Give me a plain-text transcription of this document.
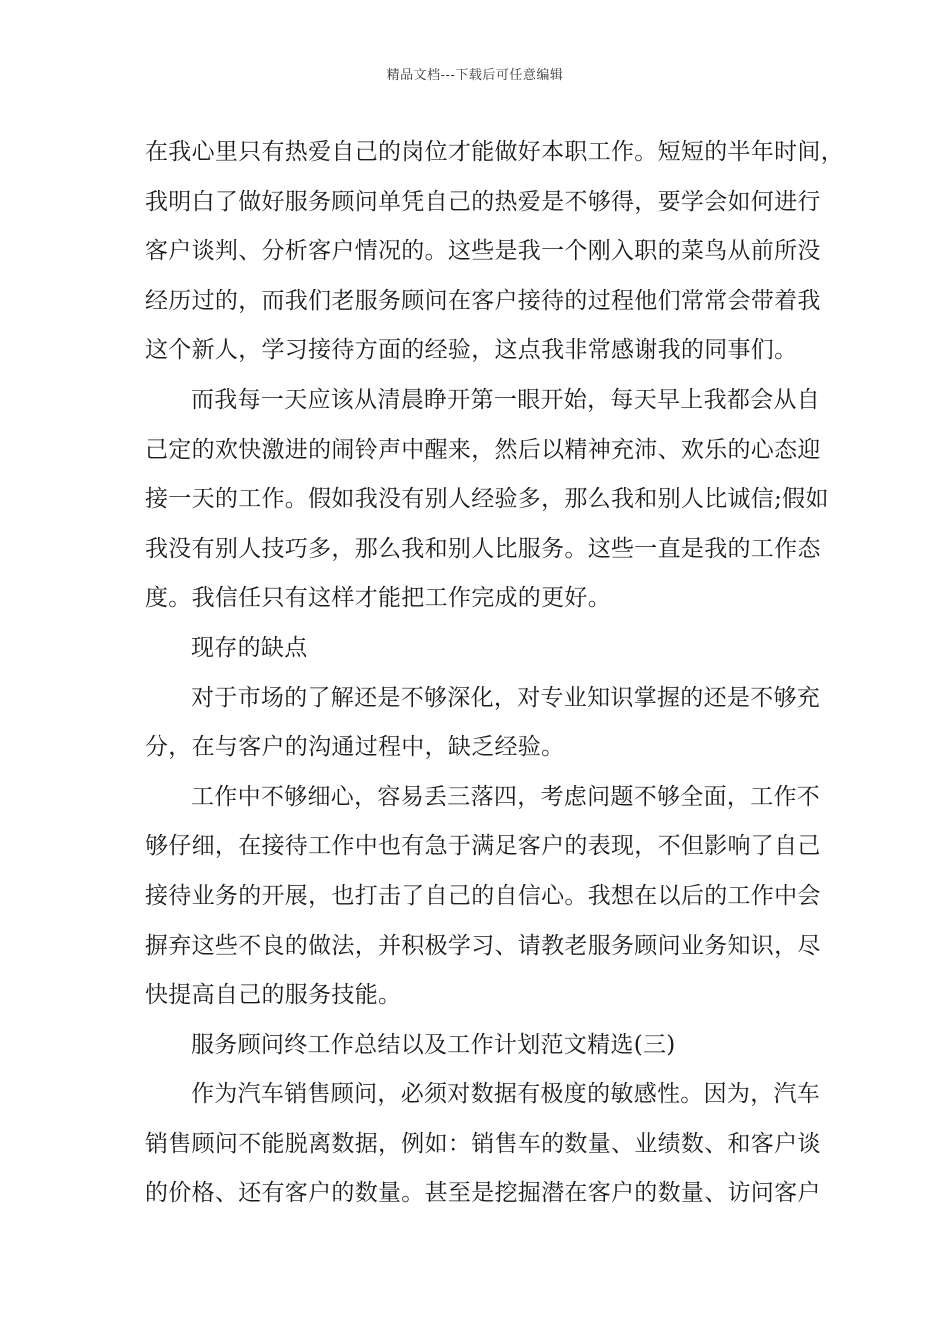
精品文档---下载后可任意编辑
在我心里只有热爱自己的岗位才能做好本职工作。短短的半年时间，
我明白了做好服务顾问单凭自己的热爱是不够得，要学会如何进行
客户谈判、分析客户情况的。这些是我一个刚入职的菜鸟从前所没
经历过的，而我们老服务顾问在客户接待的过程他们常常会带着我
这个新人，学习接待方面的经验，这点我非常感谢我的同事们。
而我每一天应该从清晨睁开第一眼开始，每天早上我都会从自
己定的欢快激进的闹铃声中醒来，然后以精神充沛、欢乐的心态迎
接一天的工作。假如我没有别人经验多，那么我和别人比诚信;假如
我没有别人技巧多，那么我和别人比服务。这些一直是我的工作态
度。我信任只有这样才能把工作完成的更好。
现存的缺点
对于市场的了解还是不够深化，对专业知识掌握的还是不够充
分，在与客户的沟通过程中，缺乏经验。
工作中不够细心，容易丢三落四，考虑问题不够全面，工作不
够仔细，在接待工作中也有急于满足客户的表现，不但影响了自己
接待业务的开展，也打击了自己的自信心。我想在以后的工作中会
摒弃这些不良的做法，并积极学习、请教老服务顾问业务知识，尽
快提高自己的服务技能。
服务顾问终工作总结以及工作计划范文精选(三)
作为汽车销售顾问，必须对数据有极度的敏感性。因为，汽车
销售顾问不能脱离数据，例如：销售车的数量、业绩数、和客户谈
的价格、还有客户的数量。甚至是挖掘潜在客户的数量、访问客户
